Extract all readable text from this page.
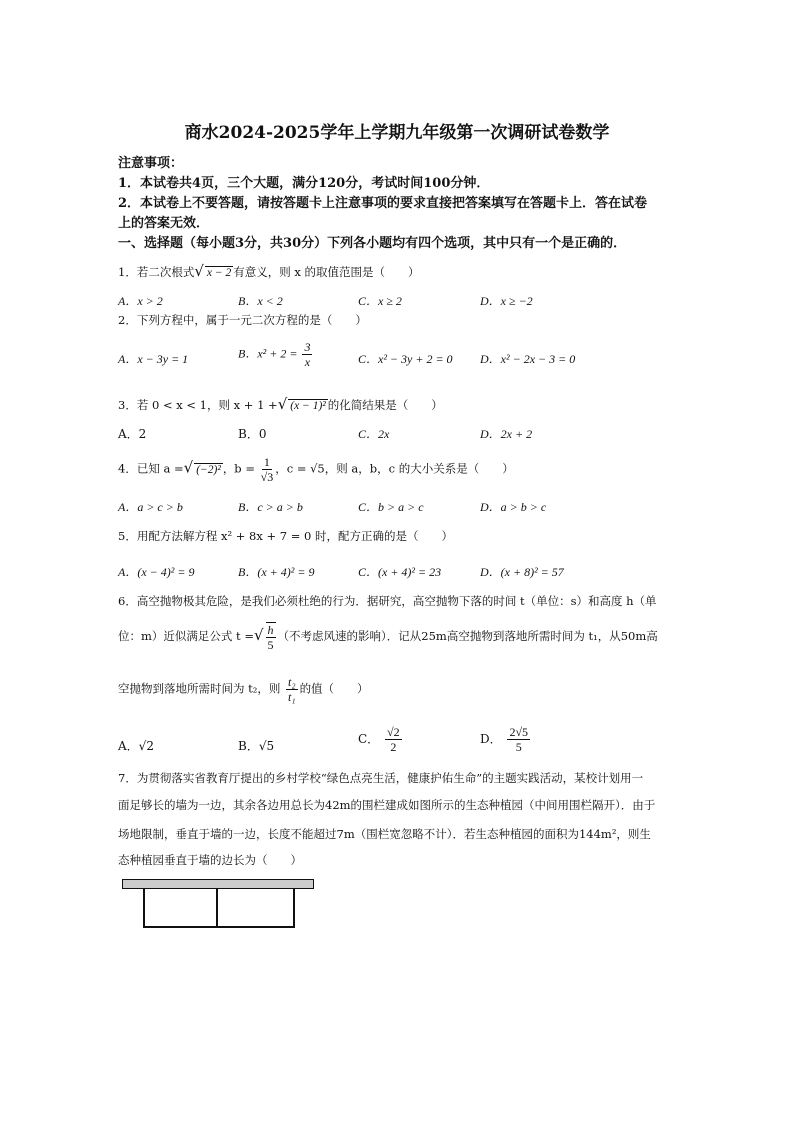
商水2024-2025学年上学期九年级第一次调研试卷数学
注意事项：
1．本试卷共4页，三个大题，满分120分，考试时间100分钟．
2．本试卷上不要答题，请按答题卡上注意事项的要求直接把答案填写在答题卡上．答在试卷
上的答案无效．
一、选择题（每小题3分，共30分）下列各小题均有四个选项，其中只有一个是正确的．
1．若二次根式√ x − 2 有意义，则 x 的取值范围是（　　）
A．x > 2	B．x < 2	C．x ≥ 2	D．x ≥ −2
2．下列方程中，属于一元二次方程的是（　　）
A．x − 3y = 1	B．$x^2 + 2 = \frac{3}{x}$	C．x² − 3y + 2 = 0 D．x² − 2x − 3 = 0
3．若 0 < x < 1，则 x + 1 +√ (x − 1)² 的化简结果是（　　）
A．2	B．0	C．2x	D．2x + 2
4．已知 a =√ (−2)² ，$b = \frac{1}{√3}$ ，c = √5，则 a，b，c 的大小关系是（　　）
A．a > c > b	B．c > a > b	C．b > a > c	D．a > b > c
5．用配方法解方程 x² + 8x + 7 = 0 时，配方正确的是（　　）
A．(x − 4)² = 9	B．(x + 4)² = 9	C．(x + 4)² = 23	D．(x + 8)² = 57
6．高空抛物极其危险，是我们必须杜绝的行为．据研究，高空抛物下落的时间 t（单位：s）和高度 h（单
位：m）近似满足公式 t =√ $\frac{h}{5}$ （不考虑风速的影响）．记从25m高空抛物到落地所需时间为 t₁，从50m高
空抛物到落地所需时间为 t₂，则 $\frac{\text{t₂}}{\text{t₁}}$ 的值（　　）
A．√2	B．√5	C． $\frac{√2}{2}$	D． $\frac{2√5}{5}$
7．为贯彻落实省教育厅提出的乡村学校“绿色点亮生活，健康护佑生命”的主题实践活动，某校计划用一
面足够长的墙为一边，其余各边用总长为42m的围栏建成如图所示的生态种植园（中间用围栏隔开）．由于
场地限制，垂直于墙的一边，长度不能超过7m（围栏宽忽略不计）．若生态种植园的面积为144m²，则生
态种植园垂直于墙的边长为（　　）
